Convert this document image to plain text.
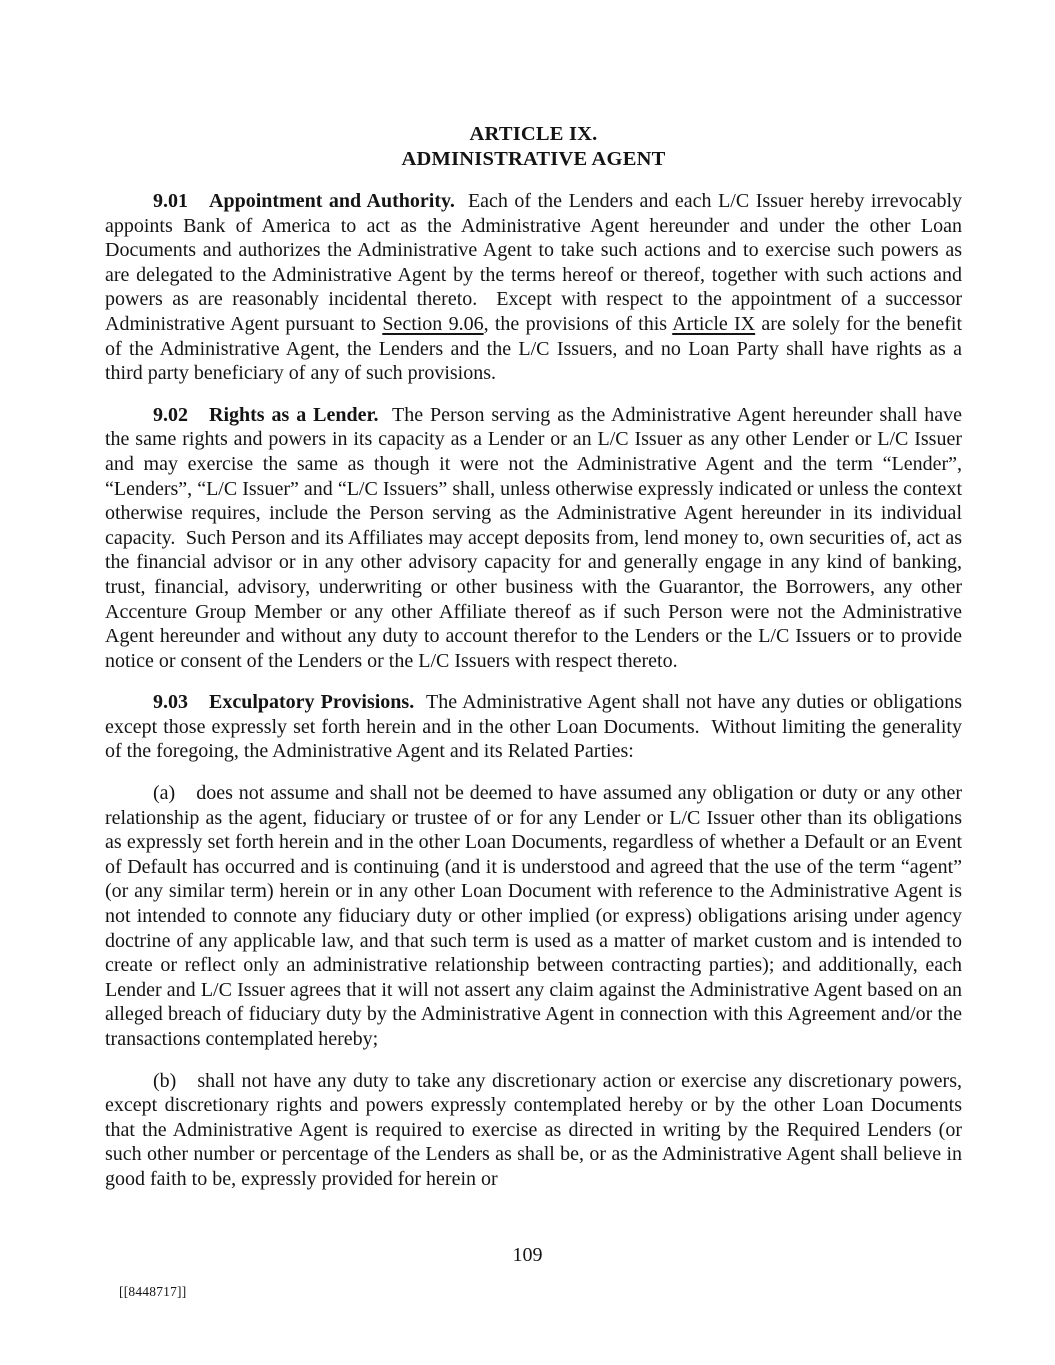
ARTICLE IX.
ADMINISTRATIVE AGENT

9.01 Appointment and Authority.  Each of the Lenders and each L/C Issuer hereby irrevocably appoints Bank of America to act as the Administrative Agent hereunder and under the other Loan Documents and authorizes the Administrative Agent to take such actions and to exercise such powers as are delegated to the Administrative Agent by the terms hereof or thereof, together with such actions and powers as are reasonably incidental thereto.  Except with respect to the appointment of a successor Administrative Agent pursuant to Section 9.06, the provisions of this Article IX are solely for the benefit of the Administrative Agent, the Lenders and the L/C Issuers, and no Loan Party shall have rights as a third party beneficiary of any of such provisions.

9.02 Rights as a Lender.  The Person serving as the Administrative Agent hereunder shall have the same rights and powers in its capacity as a Lender or an L/C Issuer as any other Lender or L/C Issuer and may exercise the same as though it were not the Administrative Agent and the term “Lender”, “Lenders”, “L/C Issuer” and “L/C Issuers” shall, unless otherwise expressly indicated or unless the context otherwise requires, include the Person serving as the Administrative Agent hereunder in its individual capacity.  Such Person and its Affiliates may accept deposits from, lend money to, own securities of, act as the financial advisor or in any other advisory capacity for and generally engage in any kind of banking, trust, financial, advisory, underwriting or other business with the Guarantor, the Borrowers, any other Accenture Group Member or any other Affiliate thereof as if such Person were not the Administrative Agent hereunder and without any duty to account therefor to the Lenders or the L/C Issuers or to provide notice or consent of the Lenders or the L/C Issuers with respect thereto.

9.03 Exculpatory Provisions.  The Administrative Agent shall not have any duties or obligations except those expressly set forth herein and in the other Loan Documents.  Without limiting the generality of the foregoing, the Administrative Agent and its Related Parties:

(a) does not assume and shall not be deemed to have assumed any obligation or duty or any other relationship as the agent, fiduciary or trustee of or for any Lender or L/C Issuer other than its obligations as expressly set forth herein and in the other Loan Documents, regardless of whether a Default or an Event of Default has occurred and is continuing (and it is understood and agreed that the use of the term “agent” (or any similar term) herein or in any other Loan Document with reference to the Administrative Agent is not intended to connote any fiduciary duty or other implied (or express) obligations arising under agency doctrine of any applicable law, and that such term is used as a matter of market custom and is intended to create or reflect only an administrative relationship between contracting parties); and additionally, each Lender and L/C Issuer agrees that it will not assert any claim against the Administrative Agent based on an alleged breach of fiduciary duty by the Administrative Agent in connection with this Agreement and/or the transactions contemplated hereby;

(b) shall not have any duty to take any discretionary action or exercise any discretionary powers, except discretionary rights and powers expressly contemplated hereby or by the other Loan Documents that the Administrative Agent is required to exercise as directed in writing by the Required Lenders (or such other number or percentage of the Lenders as shall be, or as the Administrative Agent shall believe in good faith to be, expressly provided for herein or

109
[[8448717]]
